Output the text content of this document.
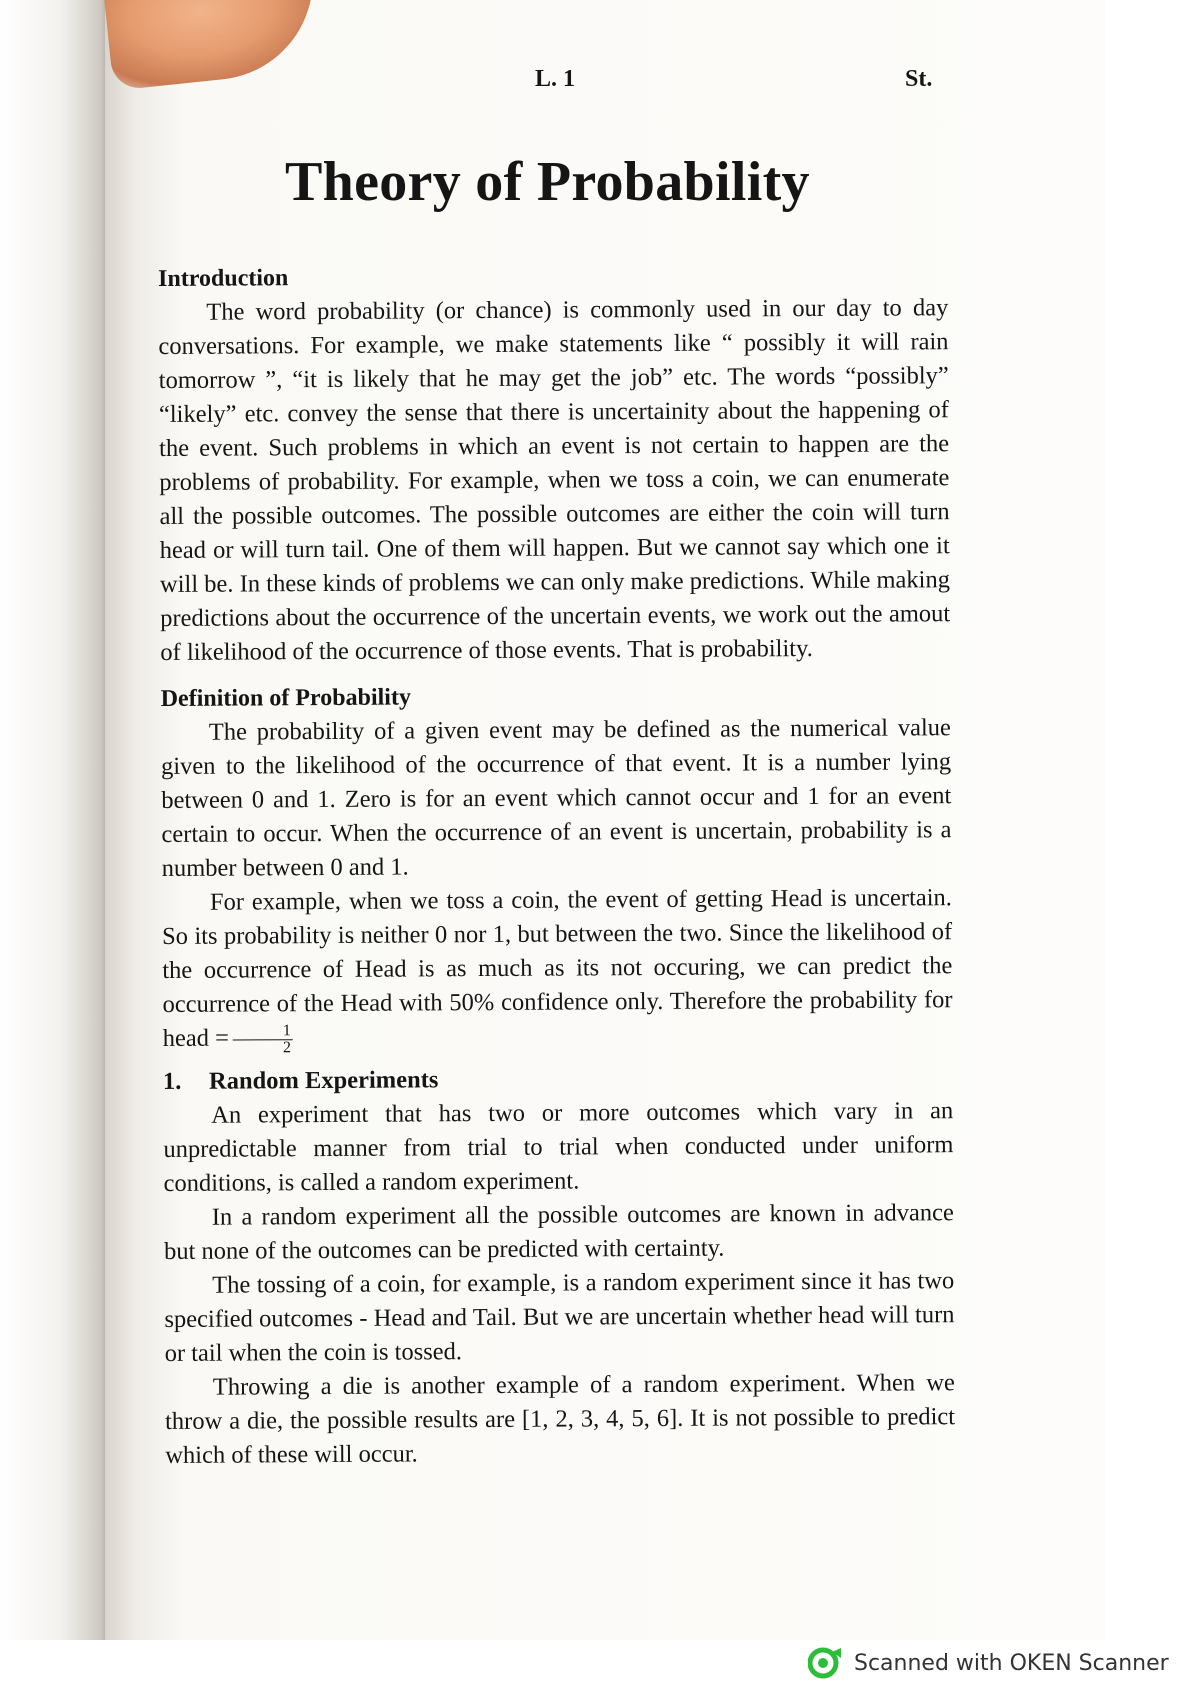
L. 1	St.
Theory of Probability
Introduction

The word probability (or chance) is commonly used in our day to day conversations. For example, we make statements like “ possibly it will rain tomorrow ”, “it is likely that he may get the job” etc. The words “possibly” “likely” etc. convey the sense that there is uncertainity about the happening of the event. Such problems in which an event is not certain to happen are the problems of probability. For example, when we toss a coin, we can enumerate all the possible outcomes. The possible outcomes are either the coin will turn head or will turn tail. One of them will happen. But we cannot say which one it will be. In these kinds of problems we can only make predictions. While making predictions about the occurrence of the uncertain events, we work out the amout of likelihood of the occurrence of those events. That is probability.

Definition of Probability

The probability of a given event may be defined as the numerical value given to the likelihood of the occurrence of that event. It is a number lying between 0 and 1. Zero is for an event which cannot occur and 1 for an event certain to occur. When the occurrence of an event is uncertain, probability is a number between 0 and 1.

For example, when we toss a coin, the event of getting Head is uncertain. So its probability is neither 0 nor 1, but between the two. Since the likelihood of the occurrence of Head is as much as its not occuring, we can predict the occurrence of the Head with 50% confidence only. Therefore the probability for head = $\frac{1}{2}$

1.	Random Experiments

An experiment that has two or more outcomes which vary in an unpredictable manner from trial to trial when conducted under uniform conditions, is called a random experiment.

In a random experiment all the possible outcomes are known in advance but none of the outcomes can be predicted with certainty.

The tossing of a coin, for example, is a random experiment since it has two specified outcomes - Head and Tail. But we are uncertain whether head will turn or tail when the coin is tossed.

Throwing a die is another example of a random experiment. When we throw a die, the possible results are [1, 2, 3, 4, 5, 6]. It is not possible to predict which of these will occur.

Scanned with OKEN Scanner
